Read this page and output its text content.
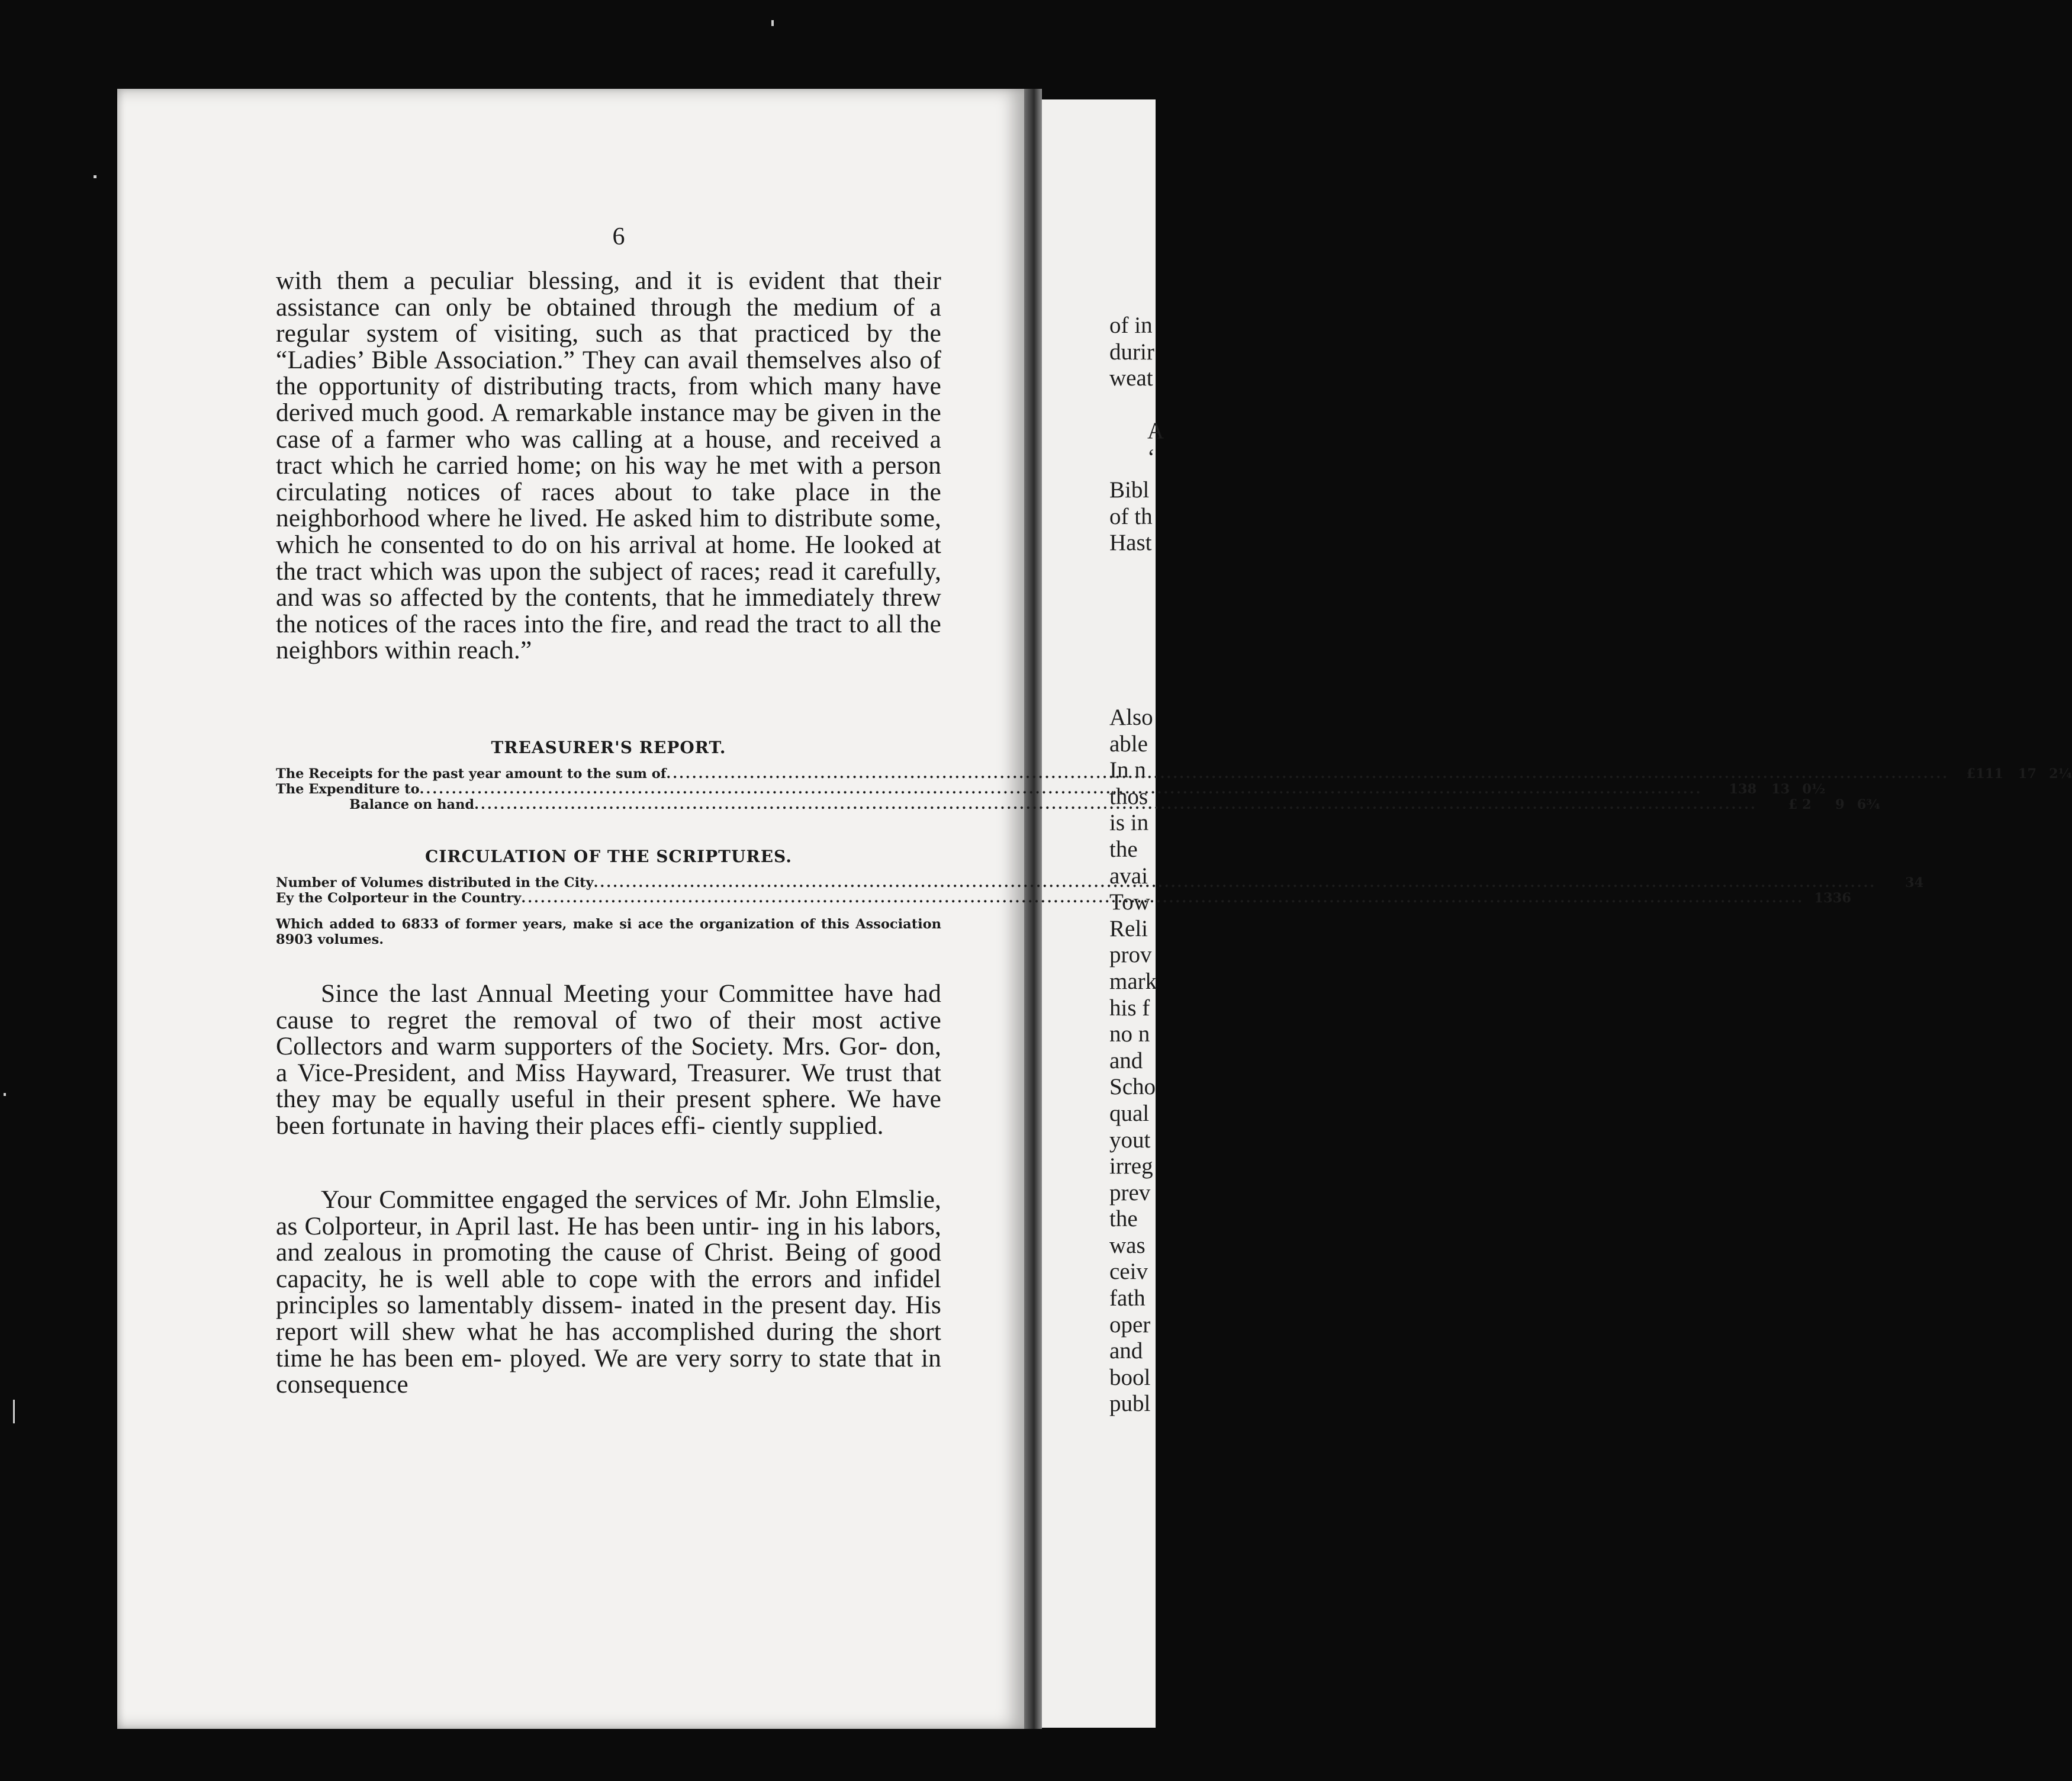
6

with them a peculiar blessing, and it is evident that their assistance can only be obtained through the medium of a regular system of visiting, such as that practiced by the “Ladies’ Bible Association.” They can avail themselves also of the opportunity of distributing tracts, from which many have derived much good. A remarkable instance may be given in the case of a farmer who was calling at a house, and received a tract which he carried home; on his way he met with a person circulating notices of races about to take place in the neighborhood where he lived. He asked him to distribute some, which he consented to do on his arrival at home. He looked at the tract which was upon the subject of races; read it carefully, and was so affected by the contents, that he immediately threw the notices of the races into the fire, and read the tract to all the neighbors within reach.”

TREASURER'S REPORT.
The Receipts for the past year amount to the sum of .....	£111	17 2¼
The Expenditure to .....	138	13 0½
Balance on hand .....	£ 2	9 6¾
CIRCULATION OF THE SCRIPTURES.
Number of Volumes distributed in the City .....	34
Ey the Colporteur in the Country .....	1336
Which added to 6833 of former years, make si ace the organization of this Association 8903 volumes.

Since the last Annual Meeting your Committee have had cause to regret the removal of two of their most active Collectors and warm supporters of the Society. Mrs. Gor- don, a Vice-President, and Miss Hayward, Treasurer. We trust that they may be equally useful in their present sphere. We have been fortunate in having their places effi- ciently supplied.

Your Committee engaged the services of Mr. John Elmslie, as Colporteur, in April last. He has been untir- ing in his labors, and zealous in promoting the cause of Christ. Being of good capacity, he is well able to cope with the errors and infidel principles so lamentably dissem- inated in the present day. His report will shew what he has accomplished during the short time he has been em- ployed. We are very sorry to state that in consequence

of in
durir
weat
A
‘
Bibl
of th
Hast
Also
able
In n
thos
is in
the
avai
Tow
Reli
prov
mark
his f
no n
and
Scho
qual
yout
irreg
prev
the
was
ceiv
fath
oper
and
bool
publ
